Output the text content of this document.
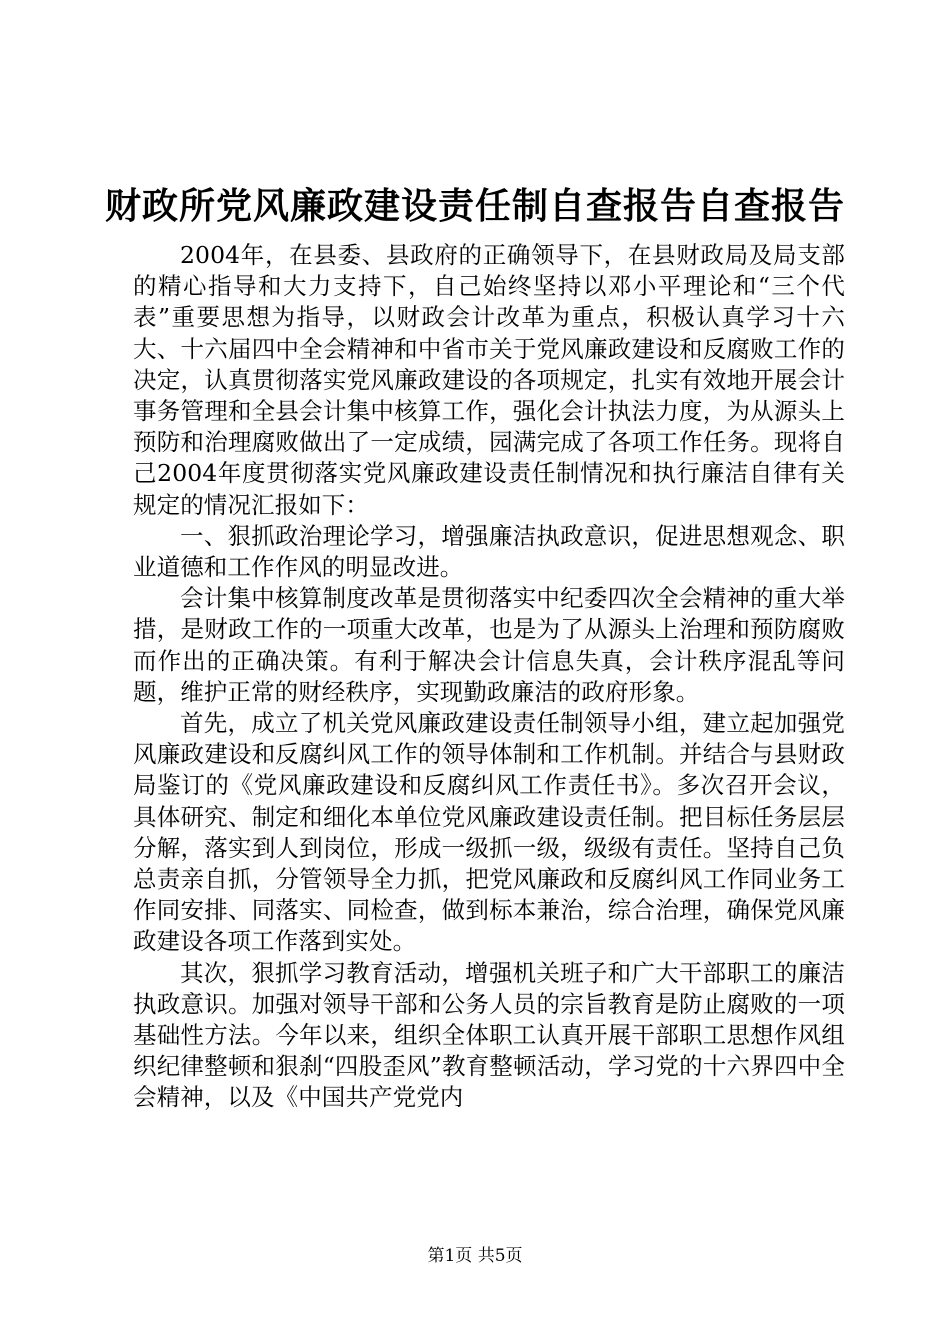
财政所党风廉政建设责任制自查报告自查报告

2004年，在县委、县政府的正确领导下，在县财政局及局支部的精心指导和大力支持下，自己始终坚持以邓小平理论和“三个代表”重要思想为指导，以财政会计改革为重点，积极认真学习十六大、十六届四中全会精神和中省市关于党风廉政建设和反腐败工作的决定，认真贯彻落实党风廉政建设的各项规定，扎实有效地开展会计事务管理和全县会计集中核算工作，强化会计执法力度，为从源头上预防和治理腐败做出了一定成绩，园满完成了各项工作任务。现将自己2004年度贯彻落实党风廉政建设责任制情况和执行廉洁自律有关规定的情况汇报如下：

一、狠抓政治理论学习，增强廉洁执政意识，促进思想观念、职业道德和工作作风的明显改进。

会计集中核算制度改革是贯彻落实中纪委四次全会精神的重大举措，是财政工作的一项重大改革，也是为了从源头上治理和预防腐败而作出的正确决策。有利于解决会计信息失真，会计秩序混乱等问题，维护正常的财经秩序，实现勤政廉洁的政府形象。

首先，成立了机关党风廉政建设责任制领导小组，建立起加强党风廉政建设和反腐纠风工作的领导体制和工作机制。并结合与县财政局鉴订的《党风廉政建设和反腐纠风工作责任书》。多次召开会议，具体研究、制定和细化本单位党风廉政建设责任制。把目标任务层层分解，落实到人到岗位，形成一级抓一级，级级有责任。坚持自己负总责亲自抓，分管领导全力抓，把党风廉政和反腐纠风工作同业务工作同安排、同落实、同检查，做到标本兼治，综合治理，确保党风廉政建设各项工作落到实处。

其次，狠抓学习教育活动，增强机关班子和广大干部职工的廉洁执政意识。加强对领导干部和公务人员的宗旨教育是防止腐败的一项基础性方法。今年以来，组织全体职工认真开展干部职工思想作风组织纪律整顿和狠刹“四股歪风”教育整顿活动，学习党的十六界四中全会精神，以及《中国共产党党内

第1页 共5页
